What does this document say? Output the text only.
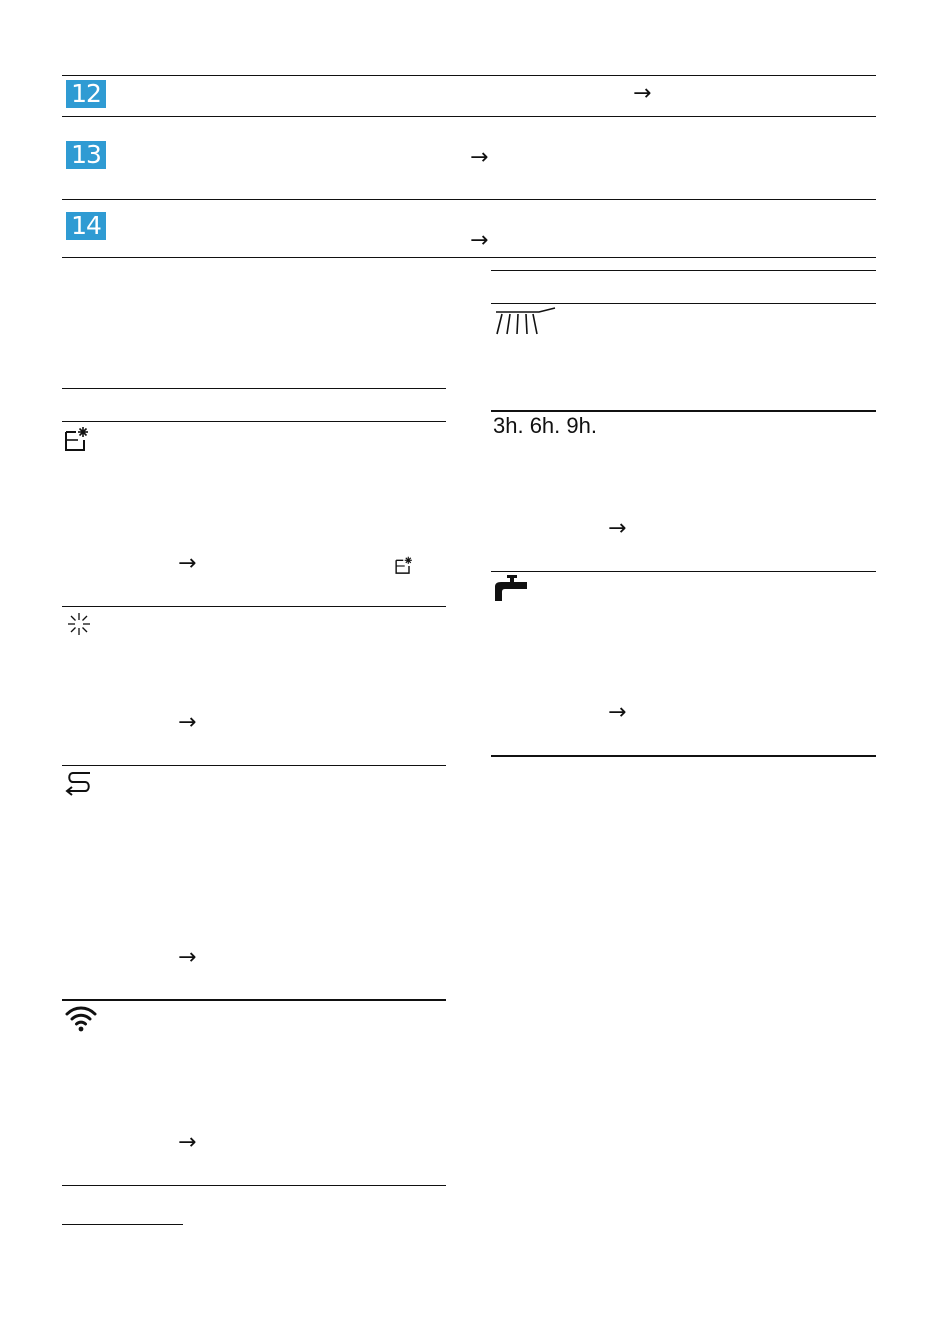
12	→
13	→
14
→
→
→
→
→
3h. 6h. 9h.
→
→
